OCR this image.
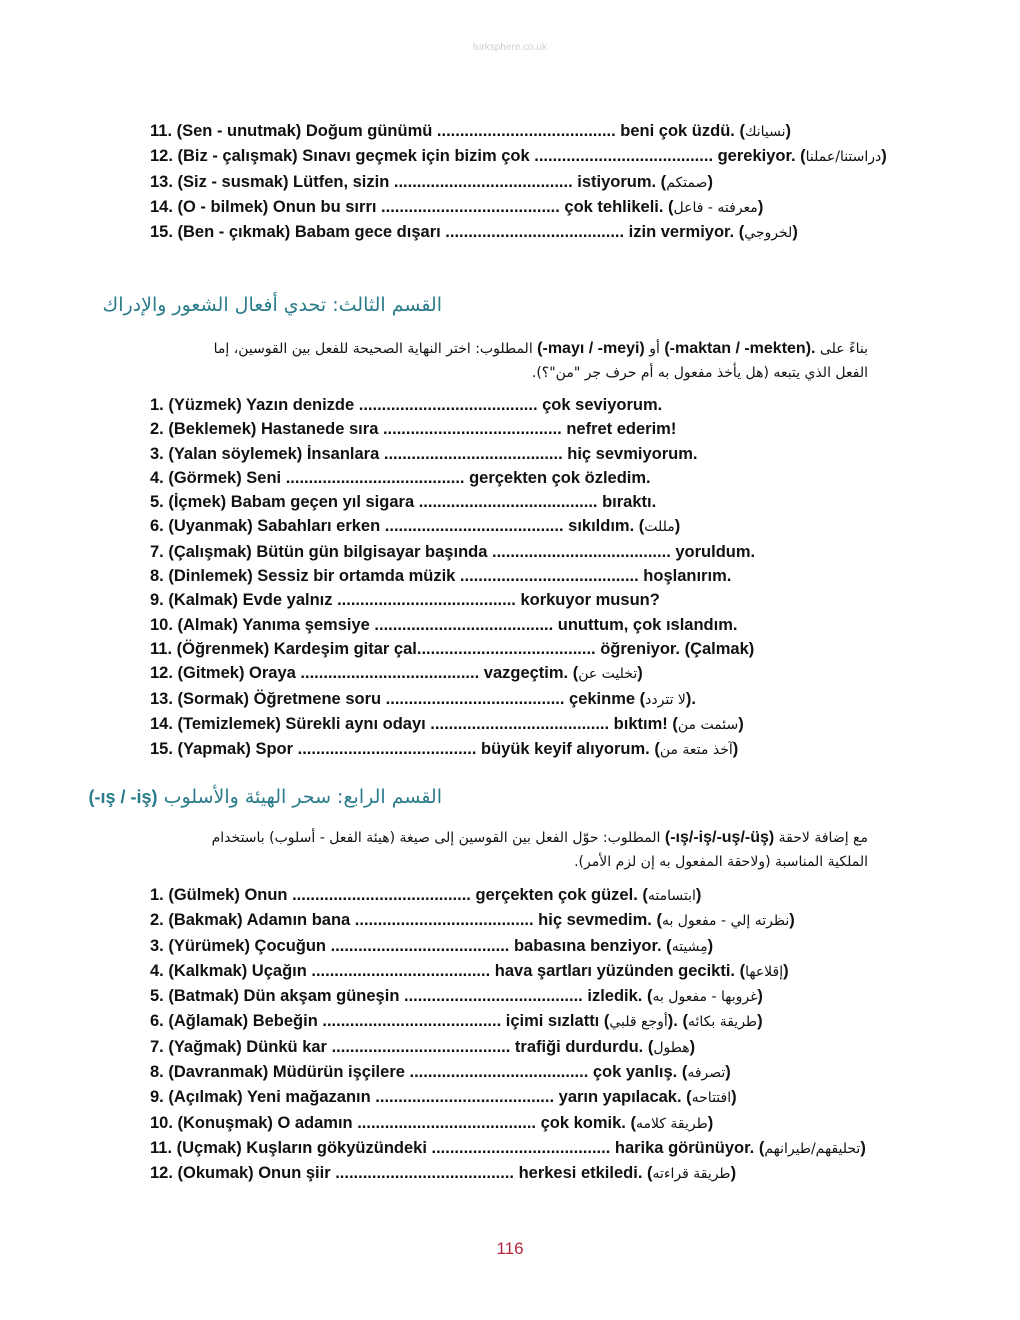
turksphere.co.uk
11. (Sen - unutmak) Doğum günümü ....................................... beni çok üzdü. (نسيانك)
12. (Biz - çalışmak) Sınavı geçmek için bizim çok ....................................... gerekiyor. (دراستنا/عملنا)
13. (Siz - susmak) Lütfen, sizin ....................................... istiyorum. (صمتكم)
14. (O - bilmek) Onun bu sırrı ....................................... çok tehlikeli. (معرفته - فاعل)
15. (Ben - çıkmak) Babam gece dışarı ....................................... izin vermiyor. (لخروجي)
القسم الثالث: تحدي أفعال الشعور والإدراك
بناءً على (-maktan / -mekten). أو (-mayı / -meyi) المطلوب: اختر النهاية الصحيحة للفعل بين القوسين، إما
الفعل الذي يتبعه (هل يأخذ مفعول به أم حرف جر "من"؟).
1. (Yüzmek) Yazın denizde ....................................... çok seviyorum.
2. (Beklemek) Hastanede sıra ....................................... nefret ederim!
3. (Yalan söylemek) İnsanlara ....................................... hiç sevmiyorum.
4. (Görmek) Seni ....................................... gerçekten çok özledim.
5. (İçmek) Babam geçen yıl sigara ....................................... bıraktı.
6. (Uyanmak) Sabahları erken ....................................... sıkıldım. (مللت)
7. (Çalışmak) Bütün gün bilgisayar başında ....................................... yoruldum.
8. (Dinlemek) Sessiz bir ortamda müzik ....................................... hoşlanırım.
9. (Kalmak) Evde yalnız ....................................... korkuyor musun?
10. (Almak) Yanıma şemsiye ....................................... unuttum, çok ıslandım.
11. (Öğrenmek) Kardeşim gitar çal....................................... öğreniyor. (Çalmak)
12. (Gitmek) Oraya ....................................... vazgeçtim. (تخليت عن)
13. (Sormak) Öğretmene soru ....................................... çekinme (لا تتردد).
14. (Temizlemek) Sürekli aynı odayı ....................................... bıktım! (سئمت من)
15. (Yapmak) Spor ....................................... büyük keyif alıyorum. (آخذ متعة من)
القسم الرابع: سحر الهيئة والأسلوب (-ış / -iş)
مع إضافة لاحقة (-ış/-iş/-uş/-üş) المطلوب: حوّل الفعل بين القوسين إلى صيغة (هيئة الفعل - أسلوب) باستخدام
الملكية المناسبة (ولاحقة المفعول به إن لزم الأمر).
1. (Gülmek) Onun ....................................... gerçekten çok güzel. (ابتسامته)
2. (Bakmak) Adamın bana ....................................... hiç sevmedim. (نظرته إلي - مفعول به)
3. (Yürümek) Çocuğun ....................................... babasına benziyor. (مِشيته)
4. (Kalkmak) Uçağın ....................................... hava şartları yüzünden gecikti. (إقلاعها)
5. (Batmak) Dün akşam güneşin ....................................... izledik. (غروبها - مفعول به)
6. (Ağlamak) Bebeğin ....................................... içimi sızlattı (أوجع قلبي). (طريقة بكائه)
7. (Yağmak) Dünkü kar ....................................... trafiği durdurdu. (هطول)
8. (Davranmak) Müdürün işçilere ....................................... çok yanlış. (تصرفه)
9. (Açılmak) Yeni mağazanın ....................................... yarın yapılacak. (افتتاحه)
10. (Konuşmak) O adamın ....................................... çok komik. (طريقة كلامه)
11. (Uçmak) Kuşların gökyüzündeki ....................................... harika görünüyor. (تحليقهم/طيرانهم)
12. (Okumak) Onun şiir ....................................... herkesi etkiledi. (طريقة قراءته)
116
